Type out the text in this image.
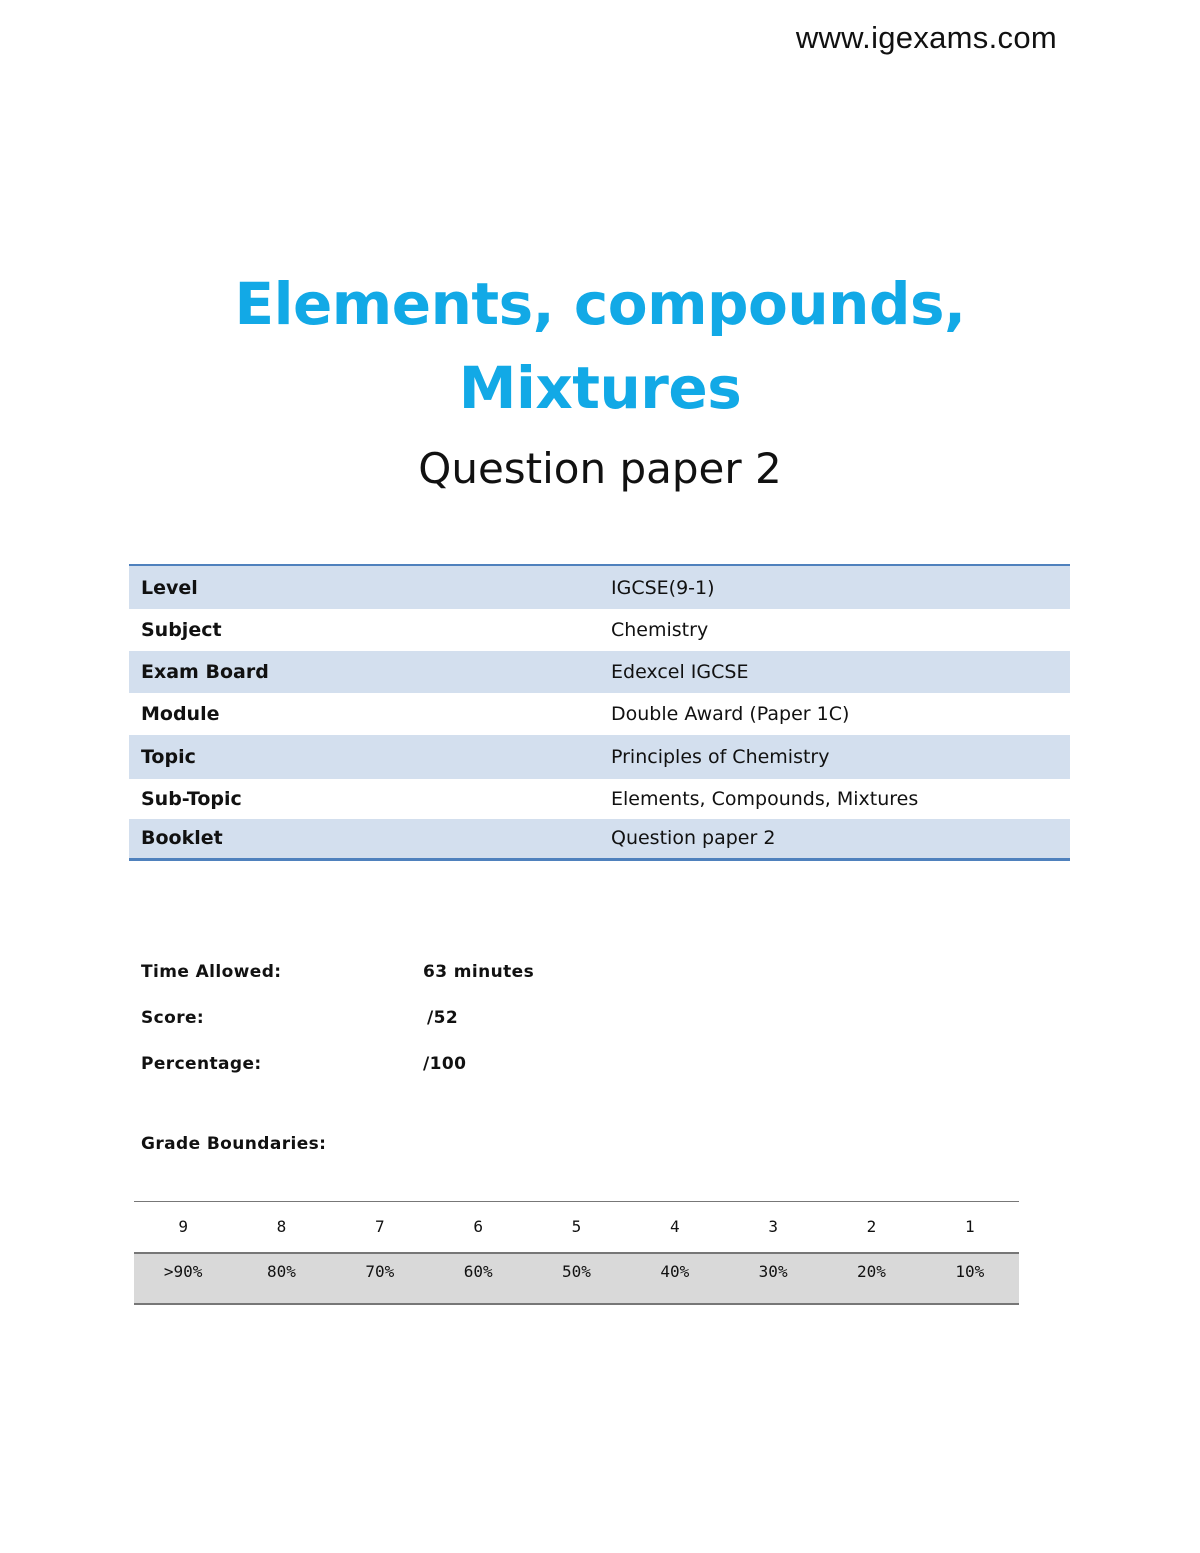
www.igexams.com
Elements, compounds,
Mixtures
Question paper 2
Level	IGCSE(9-1)
Subject	Chemistry
Exam Board	Edexcel IGCSE
Module	Double Award (Paper 1C)
Topic	Principles of Chemistry
Sub-Topic	Elements, Compounds, Mixtures
Booklet	Question paper 2
Time Allowed:	63 minutes
Score:	/52
Percentage:	/100
Grade Boundaries:
9	8	7	6	5	4	3	2	1
>90%	80%	70%	60%	50%	40%	30%	20%	10%
